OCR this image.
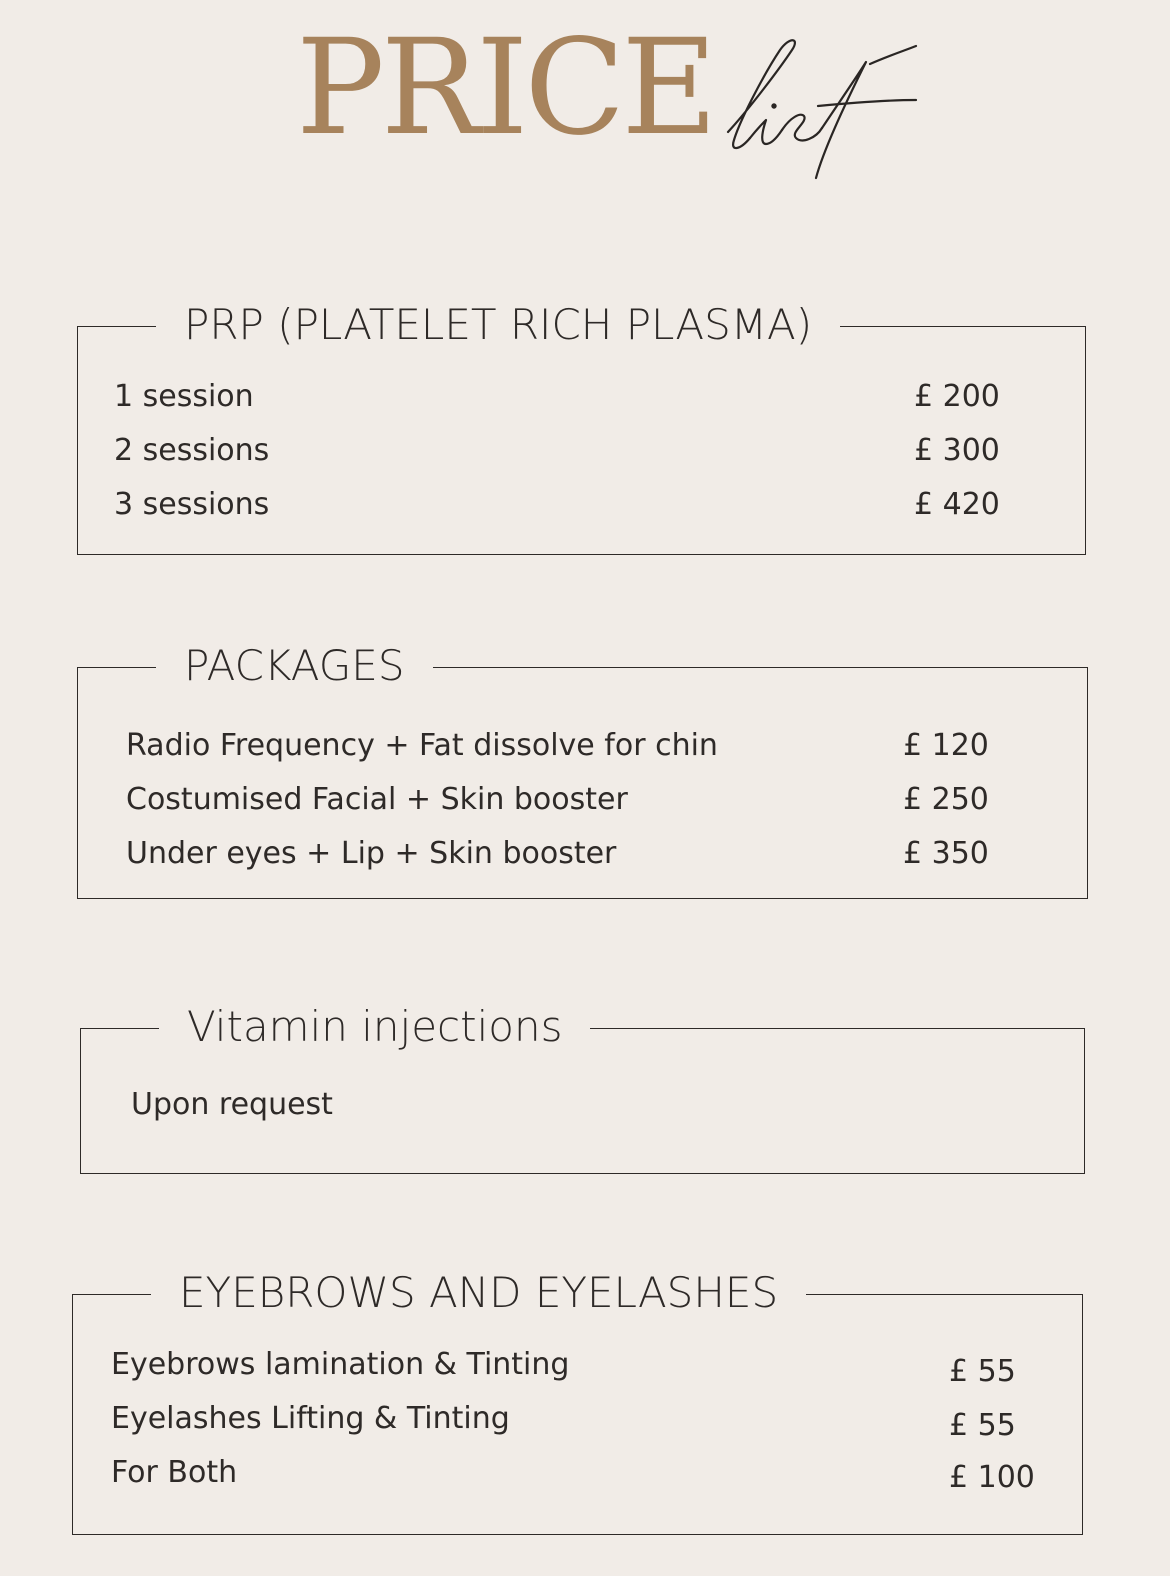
PRICE
PRP (PLATELET RICH PLASMA)
1 session	£ 200
2 sessions	£ 300
3 sessions	£ 420
PACKAGES
Radio Frequency + Fat dissolve for chin	£ 120
Costumised Facial + Skin booster	£ 250
Under eyes + Lip + Skin booster	£ 350
Vitamin injections
Upon request
EYEBROWS AND EYELASHES
Eyebrows lamination & Tinting	£ 55
Eyelashes Lifting & Tinting	£ 55
For Both	£ 100
